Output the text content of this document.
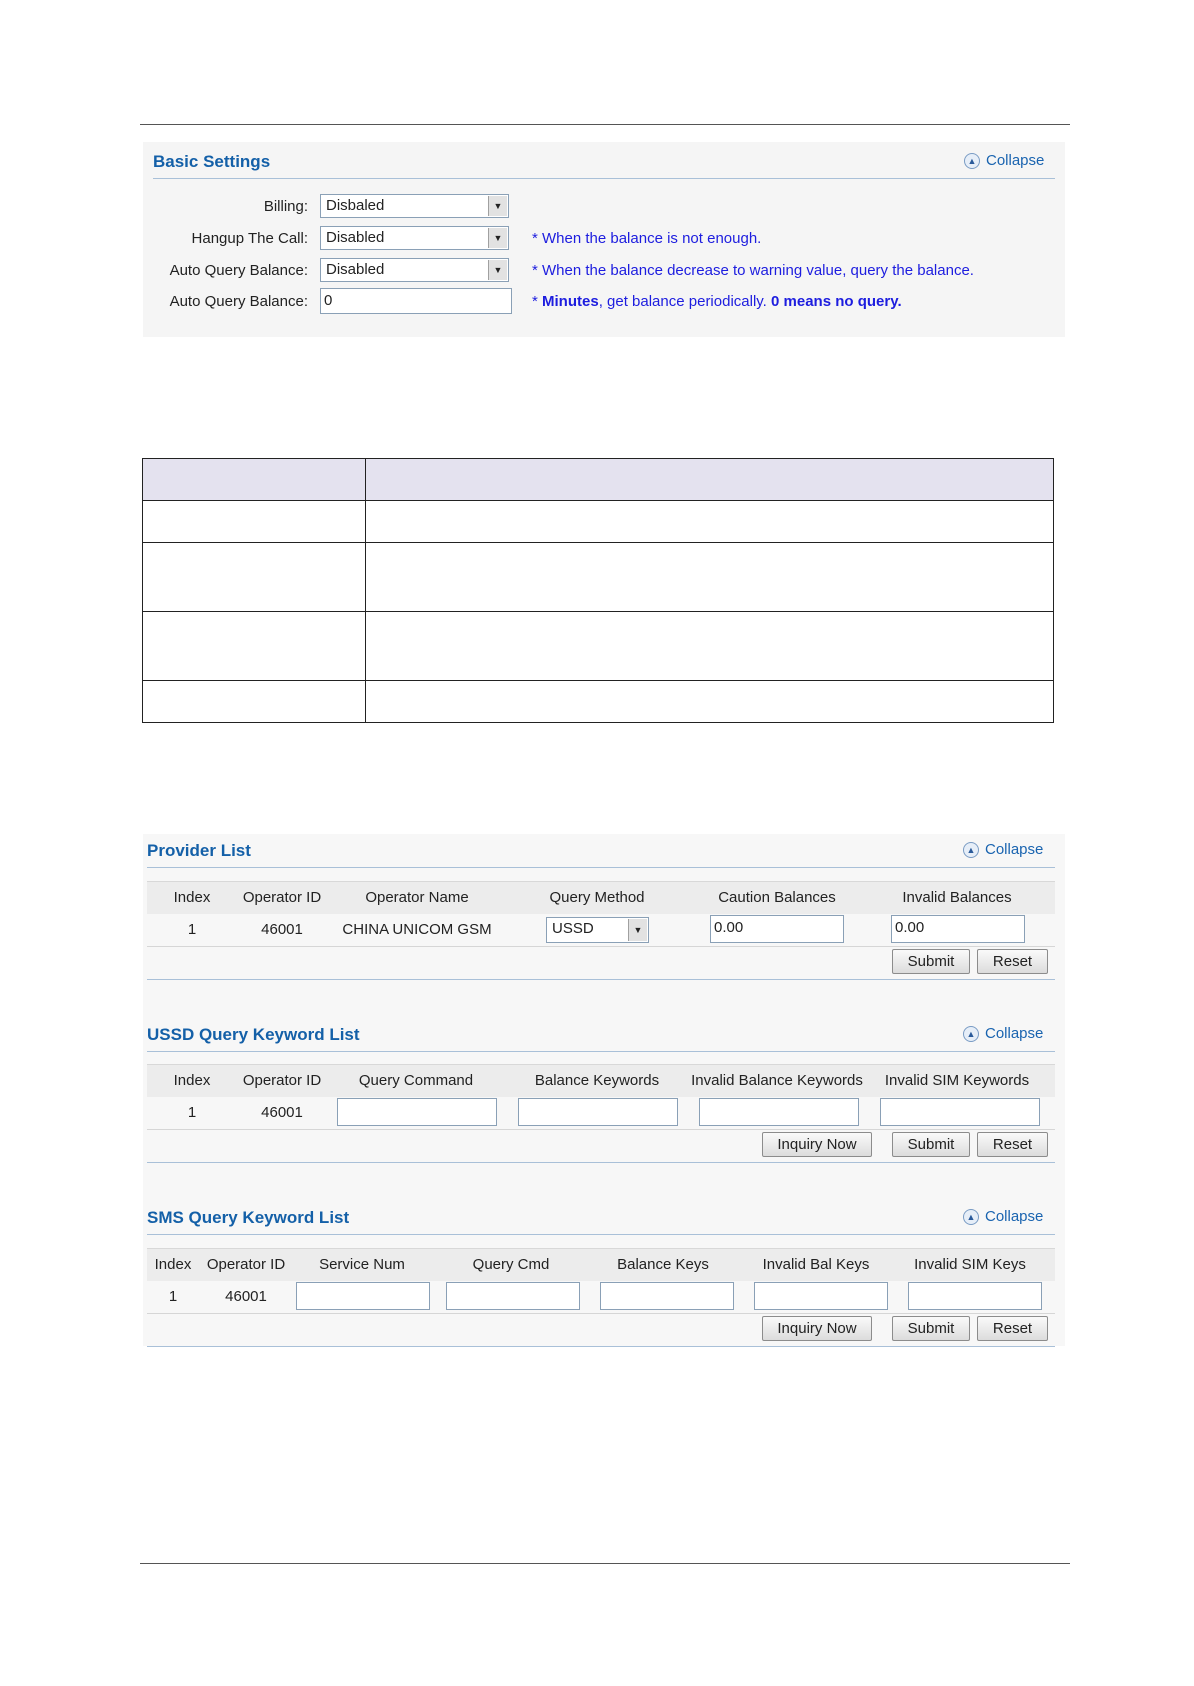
Basic Settings	▲ Collapse
Billing:	Disbaled	▼
Hangup The Call:	Disabled	▼	* When the balance is not enough.
Auto Query Balance:	Disabled	▼	* When the balance decrease to warning value, query the balance.
Auto Query Balance: 0	* Minutes, get balance periodically. 0 means no query.

Provider List	▲ Collapse
Index	Operator ID	Operator Name	Query Method	Caution Balances	Invalid Balances
1	46001	CHINA UNICOM GSM	USSD	▼	0.00	0.00
Submit	Reset
USSD Query Keyword List	▲ Collapse
Index	Operator ID	Query Command	Balance Keywords	Invalid Balance Keywords	Invalid SIM Keywords
1	46001
Inquiry Now	Submit	Reset
SMS Query Keyword List	▲ Collapse
Index	Operator ID	Service Num	Query Cmd	Balance Keys	Invalid Bal Keys	Invalid SIM Keys
1	46001
Inquiry Now	Submit	Reset
